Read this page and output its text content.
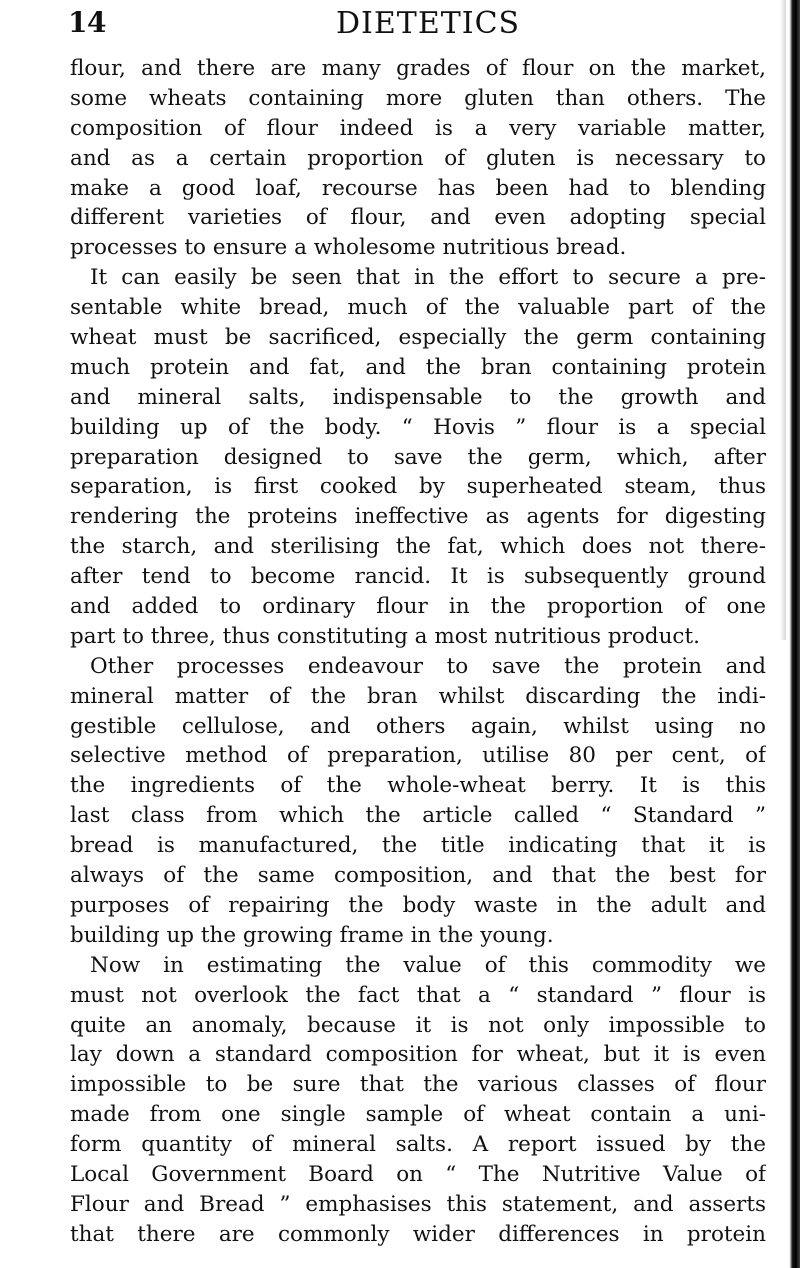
14	DIETETICS
flour, and there are many grades of flour on the market,
some wheats containing more gluten than others. The
composition of flour indeed is a very variable matter,
and as a certain proportion of gluten is necessary to
make a good loaf, recourse has been had to blending
different varieties of flour, and even adopting special
processes to ensure a wholesome nutritious bread.
It can easily be seen that in the effort to secure a pre-
sentable white bread, much of the valuable part of the
wheat must be sacrificed, especially the germ containing
much protein and fat, and the bran containing protein
and mineral salts, indispensable to the growth and
building up of the body. “ Hovis ” flour is a special
preparation designed to save the germ, which, after
separation, is first cooked by superheated steam, thus
rendering the proteins ineffective as agents for digesting
the starch, and sterilising the fat, which does not there-
after tend to become rancid. It is subsequently ground
and added to ordinary flour in the proportion of one
part to three, thus constituting a most nutritious product.
Other processes endeavour to save the protein and
mineral matter of the bran whilst discarding the indi-
gestible cellulose, and others again, whilst using no
selective method of preparation, utilise 80 per cent, of
the ingredients of the whole-wheat berry. It is this
last class from which the article called “ Standard ”
bread is manufactured, the title indicating that it is
always of the same composition, and that the best for
purposes of repairing the body waste in the adult and
building up the growing frame in the young.
Now in estimating the value of this commodity we
must not overlook the fact that a “ standard ” flour is
quite an anomaly, because it is not only impossible to
lay down a standard composition for wheat, but it is even
impossible to be sure that the various classes of flour
made from one single sample of wheat contain a uni-
form quantity of mineral salts. A report issued by the
Local Government Board on “ The Nutritive Value of
Flour and Bread ” emphasises this statement, and asserts
that there are commonly wider differences in protein
